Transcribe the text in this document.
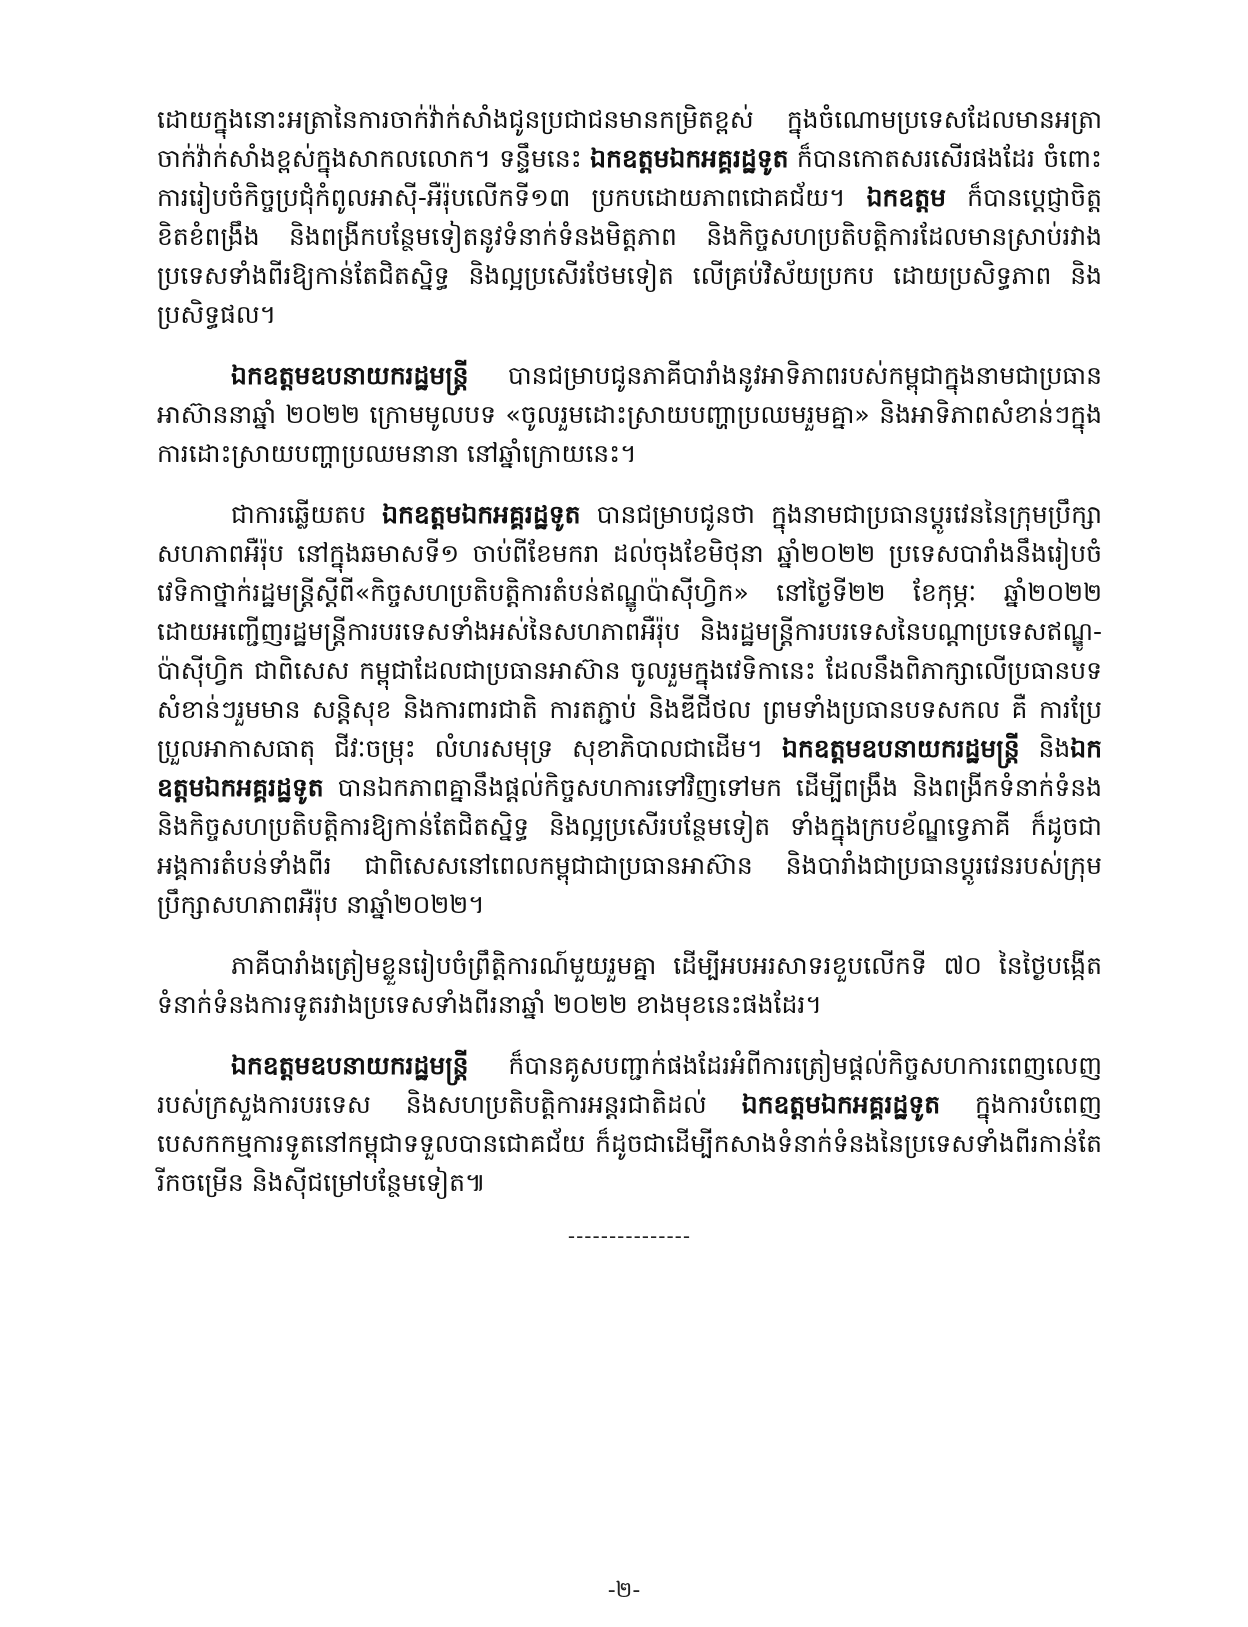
ដោយក្នុងនោះអត្រានៃការចាក់វ៉ាក់សាំងជូនប្រជាជនមានកម្រិតខ្ពស់ ក្នុងចំណោមប្រទេសដែលមានអត្រាចាក់វ៉ាក់សាំងខ្ពស់ក្នុងសាកលលោក។ ទន្ទឹមនេះ ឯកឧត្តមឯកអគ្គរដ្ឋទូត ក៏បានកោតសរសើរផងដែរ ចំពោះការរៀបចំកិច្ចប្រជុំកំពូលអាស៊ី-អឺរ៉ុបលើកទី១៣ ប្រកបដោយភាពជោគជ័យ។ ឯកឧត្តម ក៏បានប្ដេជ្ញាចិត្តខិតខំពង្រឹង និងពង្រីកបន្ថែមទៀតនូវទំនាក់ទំនងមិត្តភាព និងកិច្ចសហប្រតិបត្តិការដែលមានស្រាប់រវាងប្រទេសទាំងពីរឱ្យកាន់តែជិតស្និទ្ធ និងល្អប្រសើរថែមទៀត លើគ្រប់វិស័យប្រកប ដោយប្រសិទ្ធភាព និងប្រសិទ្ធផល។

ឯកឧត្តមឧបនាយករដ្ឋមន្ត្រី បានជម្រាបជូនភាគីបារាំងនូវអាទិភាពរបស់កម្ពុជាក្នុងនាមជាប្រធានអាស៊ាននាឆ្នាំ ២០២២ ក្រោមមូលបទ «ចូលរួមដោះស្រាយបញ្ហាប្រឈមរួមគ្នា» និងអាទិភាពសំខាន់ៗក្នុងការដោះស្រាយបញ្ហាប្រឈមនានា នៅឆ្នាំក្រោយនេះ។

ជាការឆ្លើយតប ឯកឧត្តមឯកអគ្គរដ្ឋទូត បានជម្រាបជូនថា ក្នុងនាមជាប្រធានប្ដូរវេននៃក្រុមប្រឹក្សាសហភាពអឺរ៉ុប នៅក្នុងឆមាសទី១ ចាប់ពីខែមករា ដល់ចុងខែមិថុនា ឆ្នាំ២០២២ ប្រទេសបារាំងនឹងរៀបចំវេទិកាថ្នាក់រដ្ឋមន្ត្រីស្ដីពី«កិច្ចសហប្រតិបត្តិការតំបន់ឥណ្ឌូប៉ាស៊ីហ្វិក» នៅថ្ងៃទី២២ ខែកុម្ភៈ ឆ្នាំ២០២២ ដោយអញ្ជើញរដ្ឋមន្ត្រីការបរទេសទាំងអស់នៃសហភាពអឺរ៉ុប និងរដ្ឋមន្ត្រីការបរទេសនៃបណ្ដាប្រទេសឥណ្ឌូ-ប៉ាស៊ីហ្វិក ជាពិសេស កម្ពុជាដែលជាប្រធានអាស៊ាន ចូលរួមក្នុងវេទិកានេះ ដែលនឹងពិភាក្សាលើប្រធានបទសំខាន់ៗរួមមាន សន្តិសុខ និងការពារជាតិ ការតភ្ជាប់ និងឌីជីថល ព្រមទាំងប្រធានបទសកល គឺ ការប្រែប្រួលអាកាសធាតុ ជីវៈចម្រុះ លំហរសមុទ្រ សុខាភិបាលជាដើម។ ឯកឧត្តមឧបនាយករដ្ឋមន្ត្រី និងឯកឧត្តមឯកអគ្គរដ្ឋទូត បានឯកភាពគ្នានឹងផ្ដល់កិច្ចសហការទៅវិញទៅមក ដើម្បីពង្រឹង និងពង្រីកទំនាក់ទំនង និងកិច្ចសហប្រតិបត្តិការឱ្យកាន់តែជិតស្និទ្ធ និងល្អប្រសើរបន្ថែមទៀត ទាំងក្នុងក្របខ័ណ្ឌទ្វេភាគី ក៏ដូចជាអង្គការតំបន់ទាំងពីរ ជាពិសេសនៅពេលកម្ពុជាជាប្រធានអាស៊ាន និងបារាំងជាប្រធានប្ដូរវេនរបស់ក្រុមប្រឹក្សាសហភាពអឺរ៉ុប នាឆ្នាំ២០២២។

ភាគីបារាំងត្រៀមខ្លួនរៀបចំព្រឹត្តិការណ៍មួយរួមគ្នា ដើម្បីអបអរសាទរខួបលើកទី ៧០ នៃថ្ងៃបង្កើតទំនាក់ទំនងការទូតរវាងប្រទេសទាំងពីរនាឆ្នាំ ២០២២ ខាងមុខនេះផងដែរ។

ឯកឧត្តមឧបនាយករដ្ឋមន្ត្រី ក៏បានគូសបញ្ជាក់ផងដែរអំពីការត្រៀមផ្ដល់កិច្ចសហការពេញលេញរបស់ក្រសួងការបរទេស និងសហប្រតិបត្តិការអន្តរជាតិដល់ ឯកឧត្តមឯកអគ្គរដ្ឋទូត ក្នុងការបំពេញបេសកកម្មការទូតនៅកម្ពុជាទទួលបានជោគជ័យ ក៏ដូចជាដើម្បីកសាងទំនាក់ទំនងនៃប្រទេសទាំងពីរកាន់តែរីកចម្រើន និងស៊ីជម្រៅបន្ថែមទៀត៕

---------------
-២-
